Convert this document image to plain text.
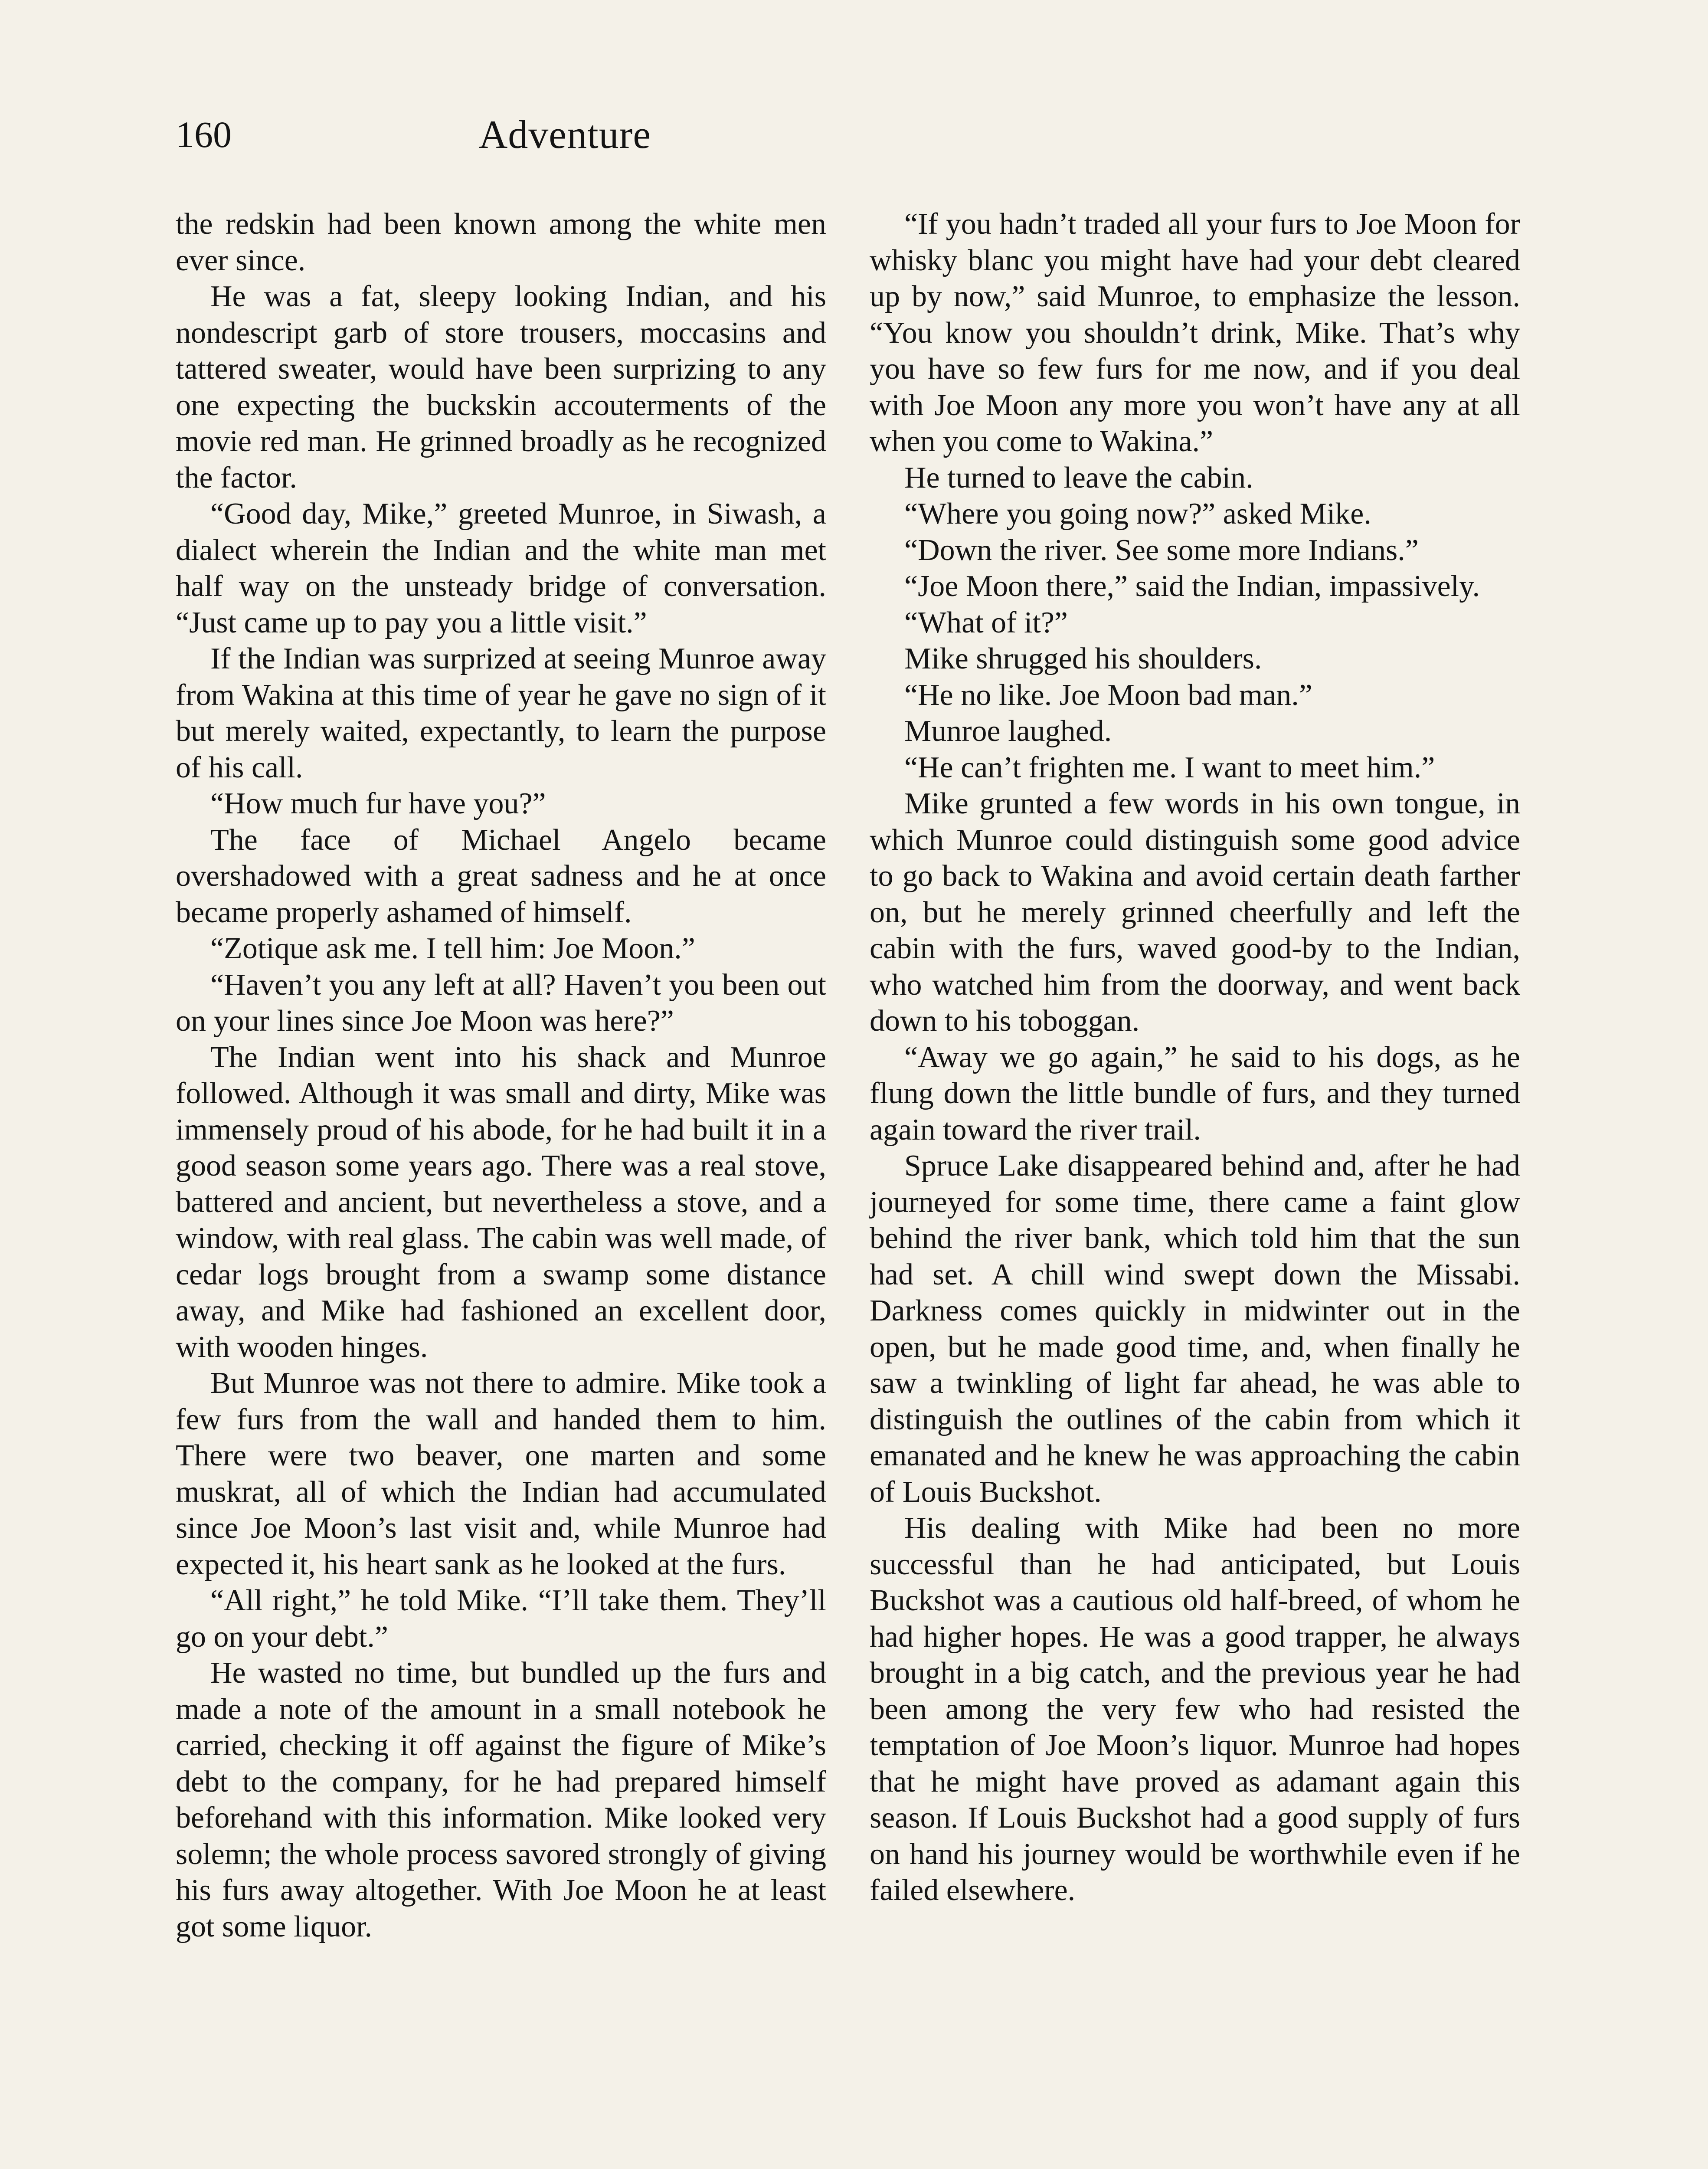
160	Adventure

the redskin had been known among the white men ever since.

He was a fat, sleepy looking Indian, and his nondescript garb of store trousers, moccasins and tattered sweater, would have been surprizing to any one expecting the buckskin accouterments of the movie red man. He grinned broadly as he recognized the factor.

“Good day, Mike,” greeted Munroe, in Siwash, a dialect wherein the Indian and the white man met half way on the unsteady bridge of conversation. “Just came up to pay you a little visit.”

If the Indian was surprized at seeing Munroe away from Wakina at this time of year he gave no sign of it but merely waited, expectantly, to learn the purpose of his call.

“How much fur have you?”

The face of Michael Angelo became overshadowed with a great sadness and he at once became properly ashamed of himself.

“Zotique ask me. I tell him: Joe Moon.”

“Haven’t you any left at all? Haven’t you been out on your lines since Joe Moon was here?”

The Indian went into his shack and Munroe followed. Although it was small and dirty, Mike was immensely proud of his abode, for he had built it in a good season some years ago. There was a real stove, battered and ancient, but nevertheless a stove, and a window, with real glass. The cabin was well made, of cedar logs brought from a swamp some distance away, and Mike had fashioned an excellent door, with wooden hinges.

But Munroe was not there to admire. Mike took a few furs from the wall and handed them to him. There were two beaver, one marten and some muskrat, all of which the Indian had accumulated since Joe Moon’s last visit and, while Munroe had expected it, his heart sank as he looked at the furs.

“All right,” he told Mike. “I’ll take them. They’ll go on your debt.”

He wasted no time, but bundled up the furs and made a note of the amount in a small notebook he carried, checking it off against the figure of Mike’s debt to the company, for he had prepared himself beforehand with this information. Mike looked very solemn; the whole process savored strongly of giving his furs away altogether. With Joe Moon he at least got some liquor.

“If you hadn’t traded all your furs to Joe Moon for whisky blanc you might have had your debt cleared up by now,” said Munroe, to emphasize the lesson. “You know you shouldn’t drink, Mike. That’s why you have so few furs for me now, and if you deal with Joe Moon any more you won’t have any at all when you come to Wakina.”

He turned to leave the cabin.

“Where you going now?” asked Mike.

“Down the river. See some more Indians.”

“Joe Moon there,” said the Indian, impassively.

“What of it?”

Mike shrugged his shoulders.

“He no like. Joe Moon bad man.”

Munroe laughed.

“He can’t frighten me. I want to meet him.”

Mike grunted a few words in his own tongue, in which Munroe could distinguish some good advice to go back to Wakina and avoid certain death farther on, but he merely grinned cheerfully and left the cabin with the furs, waved good-by to the Indian, who watched him from the doorway, and went back down to his toboggan.

“Away we go again,” he said to his dogs, as he flung down the little bundle of furs, and they turned again toward the river trail.

Spruce Lake disappeared behind and, after he had journeyed for some time, there came a faint glow behind the river bank, which told him that the sun had set. A chill wind swept down the Missabi. Darkness comes quickly in midwinter out in the open, but he made good time, and, when finally he saw a twinkling of light far ahead, he was able to distinguish the outlines of the cabin from which it emanated and he knew he was approaching the cabin of Louis Buckshot.

His dealing with Mike had been no more successful than he had anticipated, but Louis Buckshot was a cautious old half-breed, of whom he had higher hopes. He was a good trapper, he always brought in a big catch, and the previous year he had been among the very few who had resisted the temptation of Joe Moon’s liquor. Munroe had hopes that he might have proved as adamant again this season. If Louis Buckshot had a good supply of furs on hand his journey would be worthwhile even if he failed elsewhere.
